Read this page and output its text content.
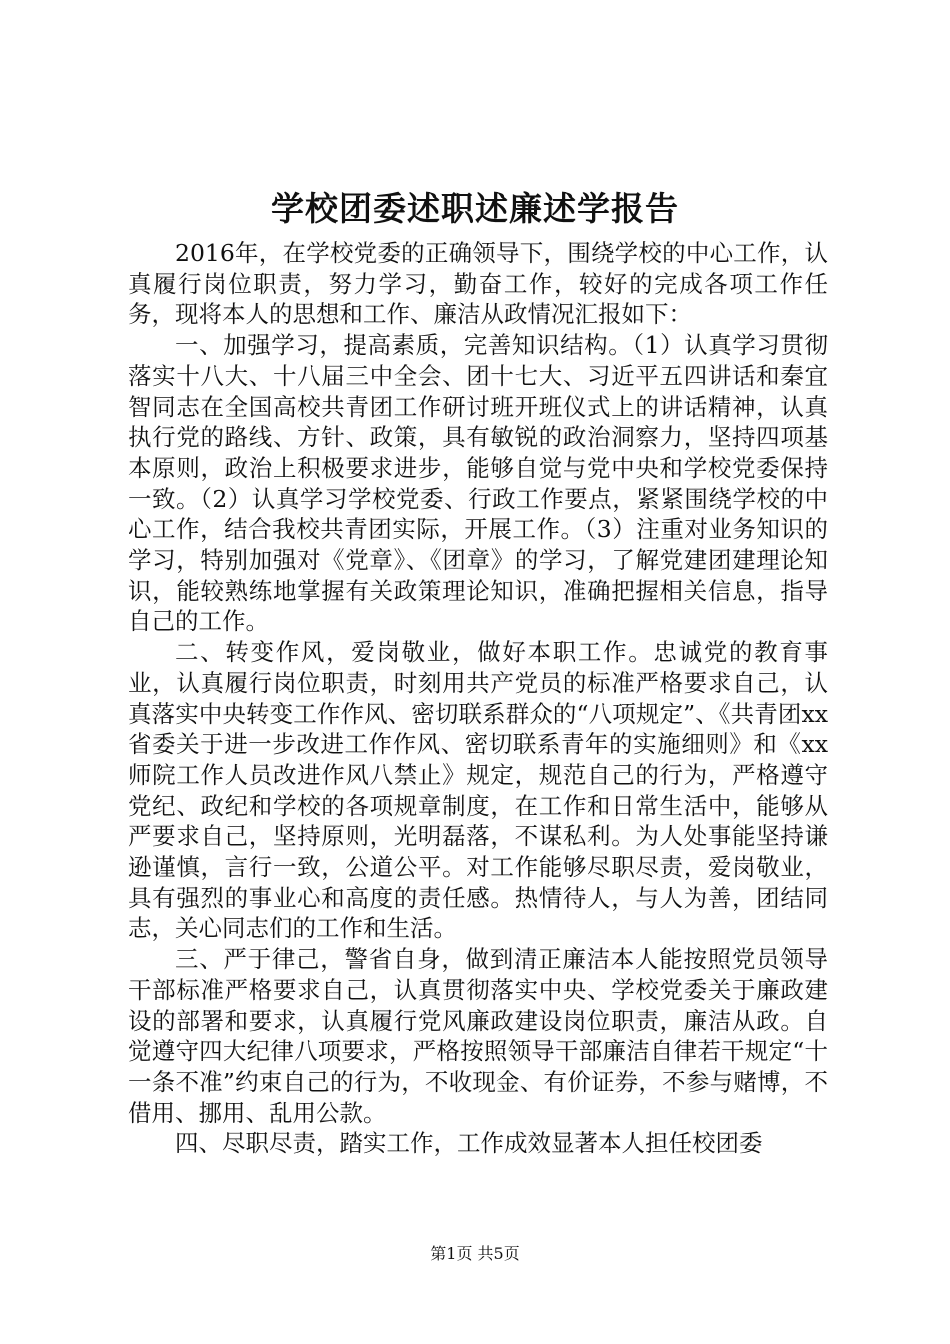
学校团委述职述廉述学报告

2016年，在学校党委的正确领导下，围绕学校的中心工作，认真履行岗位职责，努力学习，勤奋工作，较好的完成各项工作任务，现将本人的思想和工作、廉洁从政情况汇报如下：

一、加强学习，提高素质，完善知识结构。（1）认真学习贯彻落实十八大、十八届三中全会、团十七大、习近平五四讲话和秦宜智同志在全国高校共青团工作研讨班开班仪式上的讲话精神，认真执行党的路线、方针、政策，具有敏锐的政治洞察力，坚持四项基本原则，政治上积极要求进步，能够自觉与党中央和学校党委保持一致。（2）认真学习学校党委、行政工作要点，紧紧围绕学校的中心工作，结合我校共青团实际，开展工作。（3）注重对业务知识的学习，特别加强对《党章》、《团章》的学习，了解党建团建理论知识，能较熟练地掌握有关政策理论知识，准确把握相关信息，指导自己的工作。

二、转变作风，爱岗敬业，做好本职工作。忠诚党的教育事业，认真履行岗位职责，时刻用共产党员的标准严格要求自己，认真落实中央转变工作作风、密切联系群众的“八项规定”、《共青团xx省委关于进一步改进工作作风、密切联系青年的实施细则》和《xx师院工作人员改进作风八禁止》规定，规范自己的行为，严格遵守党纪、政纪和学校的各项规章制度，在工作和日常生活中，能够从严要求自己，坚持原则，光明磊落，不谋私利。为人处事能坚持谦逊谨慎，言行一致，公道公平。对工作能够尽职尽责，爱岗敬业，具有强烈的事业心和高度的责任感。热情待人，与人为善，团结同志，关心同志们的工作和生活。

三、严于律己，警省自身，做到清正廉洁本人能按照党员领导干部标准严格要求自己，认真贯彻落实中央、学校党委关于廉政建设的部署和要求，认真履行党风廉政建设岗位职责，廉洁从政。自觉遵守四大纪律八项要求，严格按照领导干部廉洁自律若干规定“十一条不准”约束自己的行为，不收现金、有价证券，不参与赌博，不借用、挪用、乱用公款。

四、尽职尽责，踏实工作，工作成效显著本人担任校团委

第1页 共5页
